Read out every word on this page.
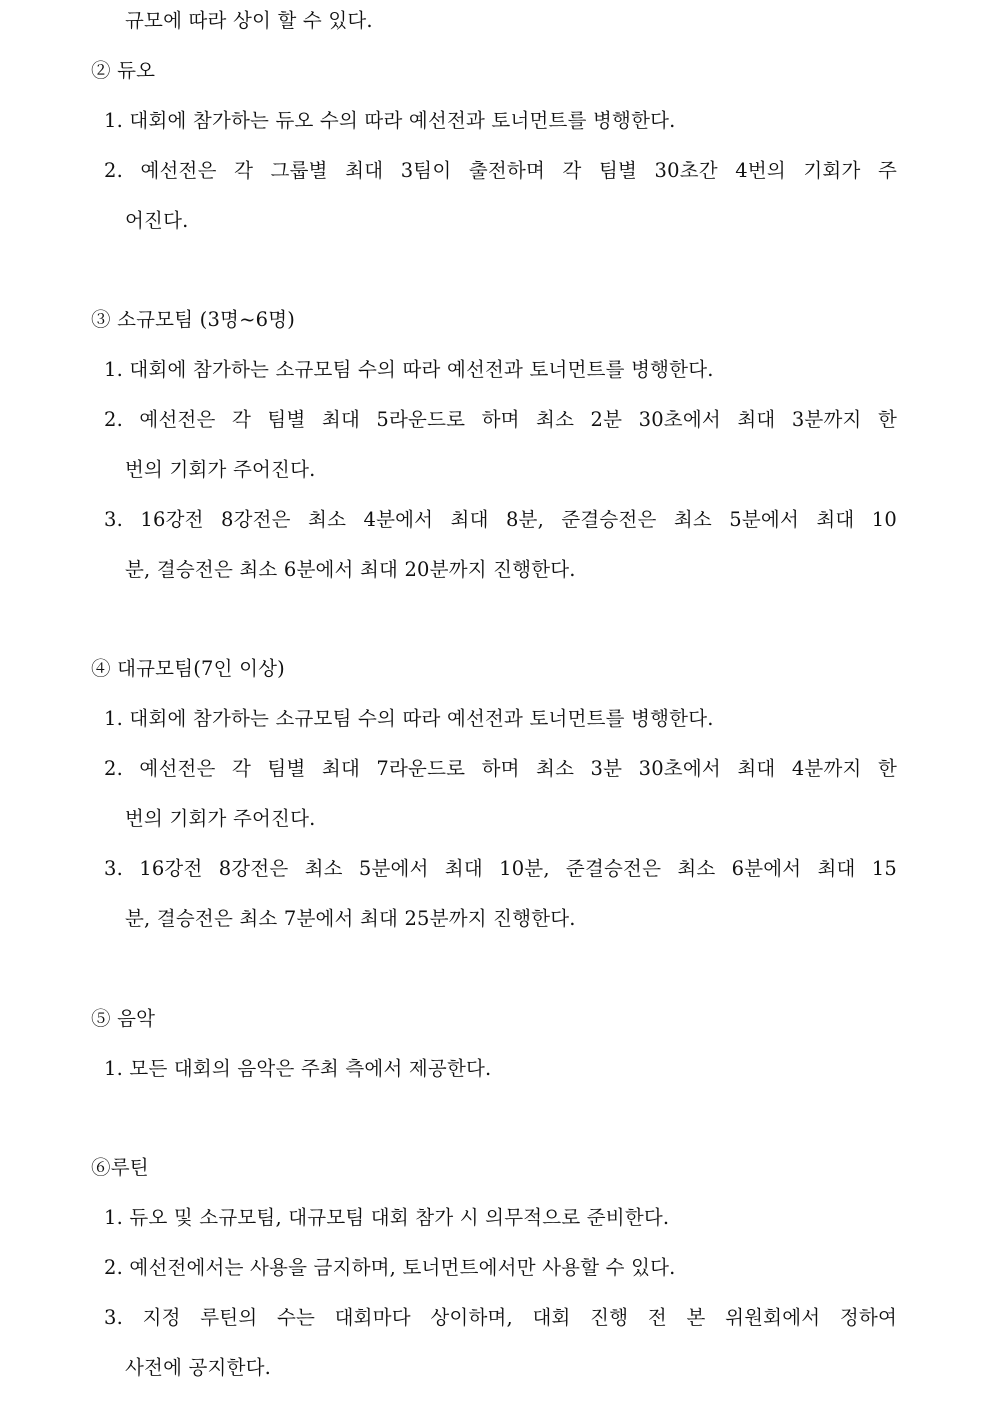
규모에 따라 상이 할 수 있다.
② 듀오
1. 대회에 참가하는 듀오 수의 따라 예선전과 토너먼트를 병행한다.
2. 예선전은 각 그룹별 최대 3팀이 출전하며 각 팀별 30초간 4번의 기회가 주
어진다.
③ 소규모팀 (3명~6명)
1. 대회에 참가하는 소규모팀 수의 따라 예선전과 토너먼트를 병행한다.
2. 예선전은 각 팀별 최대 5라운드로 하며 최소 2분 30초에서 최대 3분까지 한
번의 기회가 주어진다.
3. 16강전 8강전은 최소 4분에서 최대 8분, 준결승전은 최소 5분에서 최대 10
분, 결승전은 최소 6분에서 최대 20분까지 진행한다.
④ 대규모팀(7인 이상)
1. 대회에 참가하는 소규모팀 수의 따라 예선전과 토너먼트를 병행한다.
2. 예선전은 각 팀별 최대 7라운드로 하며 최소 3분 30초에서 최대 4분까지 한
번의 기회가 주어진다.
3. 16강전 8강전은 최소 5분에서 최대 10분, 준결승전은 최소 6분에서 최대 15
분, 결승전은 최소 7분에서 최대 25분까지 진행한다.
⑤ 음악
1. 모든 대회의 음악은 주최 측에서 제공한다.
⑥루틴
1. 듀오 및 소규모팀, 대규모팀 대회 참가 시 의무적으로 준비한다.
2. 예선전에서는 사용을 금지하며, 토너먼트에서만 사용할 수 있다.
3. 지정 루틴의 수는 대회마다 상이하며, 대회 진행 전 본 위원회에서 정하여
사전에 공지한다.
